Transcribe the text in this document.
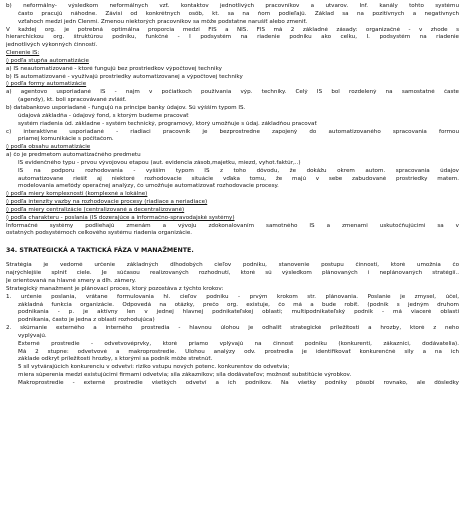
b) neformálny- výsledkom neformálnych vzť. kontaktov jednotlivých pracovníkov a utvarov. Inf. kanály tohto systému
často pracujú náhodne. Závisí od konkrétnych osôb, kt. sa na ňom podieľajú. Základ sa na pozitívnych a negatívnych
vzťahoch medzi jedn Clenmi. Zmenou niektorých pracovníkov sa môže podstatne narušiť alebo zmeniť.
V každej org. je potrebná optimálna proporcia medzi FIS a NIS. FIS má 2 základné zásady: organizačné - v zhode s
hierarchickou org. štruktúrou podniku, funkčné - I podsystém na riadenie podniku ako celku, I. podsystém na riadenie
jednotlivých výkonných činností.
Členenie IS:
◊ podľa stupňa automatizácie
a) IS neautomatizované - ktoré fungujú bez prostriedkov výpočtovej techniky
b) IS automatizované - využívajú prostriedky automatizovanej a výpočtovej techniky
◊ podľa formy automatizácie
a) agentovo usporiadané IS - najm v počiatkoch používania výp. techniky. Celý IS bol rozdelený na samostatné časte
(agendy), kt. boli spracovávané zvlášť.
b) databankovo usporiadané - fungujú na princípe banky údajov. Sú výšším typom IS.
údajová základňa - údajový fond, s ktorým budeme pracovať
systém riadenia úd. základne - systém technický, programový, ktorý umožňuje s údaj. základňou pracovať
c) interaktívne usporiadané - riadiaci pracovník je bezprostredne zapojený do automatizovaného spracovania formou
priamej komunikácie s počítačom.
◊ podľa obsahu automatizácie
a) čo je predmetom automatizačného predmetu
IS evidenčného typu - prvou vývojovou etapou (aut. evidencia zásob,majetku, miezd, vyhot.faktúr,..)
IS na podporu rozhodovania - vyšším typom IS z toho dôvodu, že dokážu okrem autom. spracovania údajov
automatizovane riešiť aj niektoré rozhodovacie situácie vďaka tomu, že majú v sebe zabudované prostriedky matem.
modelovania ameťódy operačnej analýzy, čo umožňuje automatizovať rozhodovacie procesy.
◊ podľa miery komplexnosti (komplexné a lokálne)
◊ podľa intenzity vazby na rozhodovacie procesy (riadiace a neriadiace)
◊ podľa miery centralizácie (centralizované a decentralizované)
◊ podľa charakteru - poslania (IS dozerajúce a informačno-spravodajské systémy)
Informačné systémy podliehajú zmenám a vývoju zdokonalovaním samotného IS a zmenami uskutočňujúcimi sa v
ostatných podsystémoch celkového systému riadenia organizácie.
34. STRATEGICKÁ A TAKTICKÁ FÁZA V MANAŽMENTE.
Stratégia je vedomé určenie základných dlhodobých cieľov podniku, stanovenie postupu činností, ktoré umožnia čo
najrýchlejšie splniť ciele. Je súčasou realizovaných rozhodnutí, ktoré sú výsledkom plánovaných i neplánovaných stratégií..
Je orientovaná na hlavné smery a dlh. zámery.
Strategický manažment je plánovací proces, ktorý pozostáva z týchto krokov:
1. určenie poslania, vrátane formulovania hl. cieľov podniku - prvým krokom str. plánovania. Poslanie je zmysel, účel,
základná funkcia organizácie. Odpovedá na otázky, prečo org. existuje, čo má a bude robiť. (podnik s jedným druhom
podnikania - p. je aktívny len v jednej hlavnej podnikateľskej oblasti; multipodnikateľský podnik - má viaceré oblasti
podnikania, často je jedna z oblastí rozhodujúca)
2. skúmanie externého a interného prostredia - hlavnou úlohou je odhaliť strategické príležitosti a hrozby, ktoré z neho
vyplývajú.
Externé prostredie - odvetvovéprvky, ktoré priamo vplývajú na činnosť podniku (konkurenti, zákazníci, dodávatelia).
Má 2 stupne: odvetvové a makroprostredie. Úlohou analýzy odv. prostredia je identifikovať konkurenčné sily a na ich
základe odkryť príležitosti hrozby, s ktorými sa podnik môže stretnúť.
5 síl vytvárajúcich konkurenciu v odvetví: riziko vstupu nových potenc. konkurentov do odvetvia;
miera súperenia medzi existujúcimi firmami odvetvia; síla zákazníkov; síla dodávateľov; možnosť substitúcie výrobkov.
Makroprostredie - externé prostredie všetkých odvetví a ich podnikov. Na všetky podniky pôsobí rovnako, ale dôsledky
